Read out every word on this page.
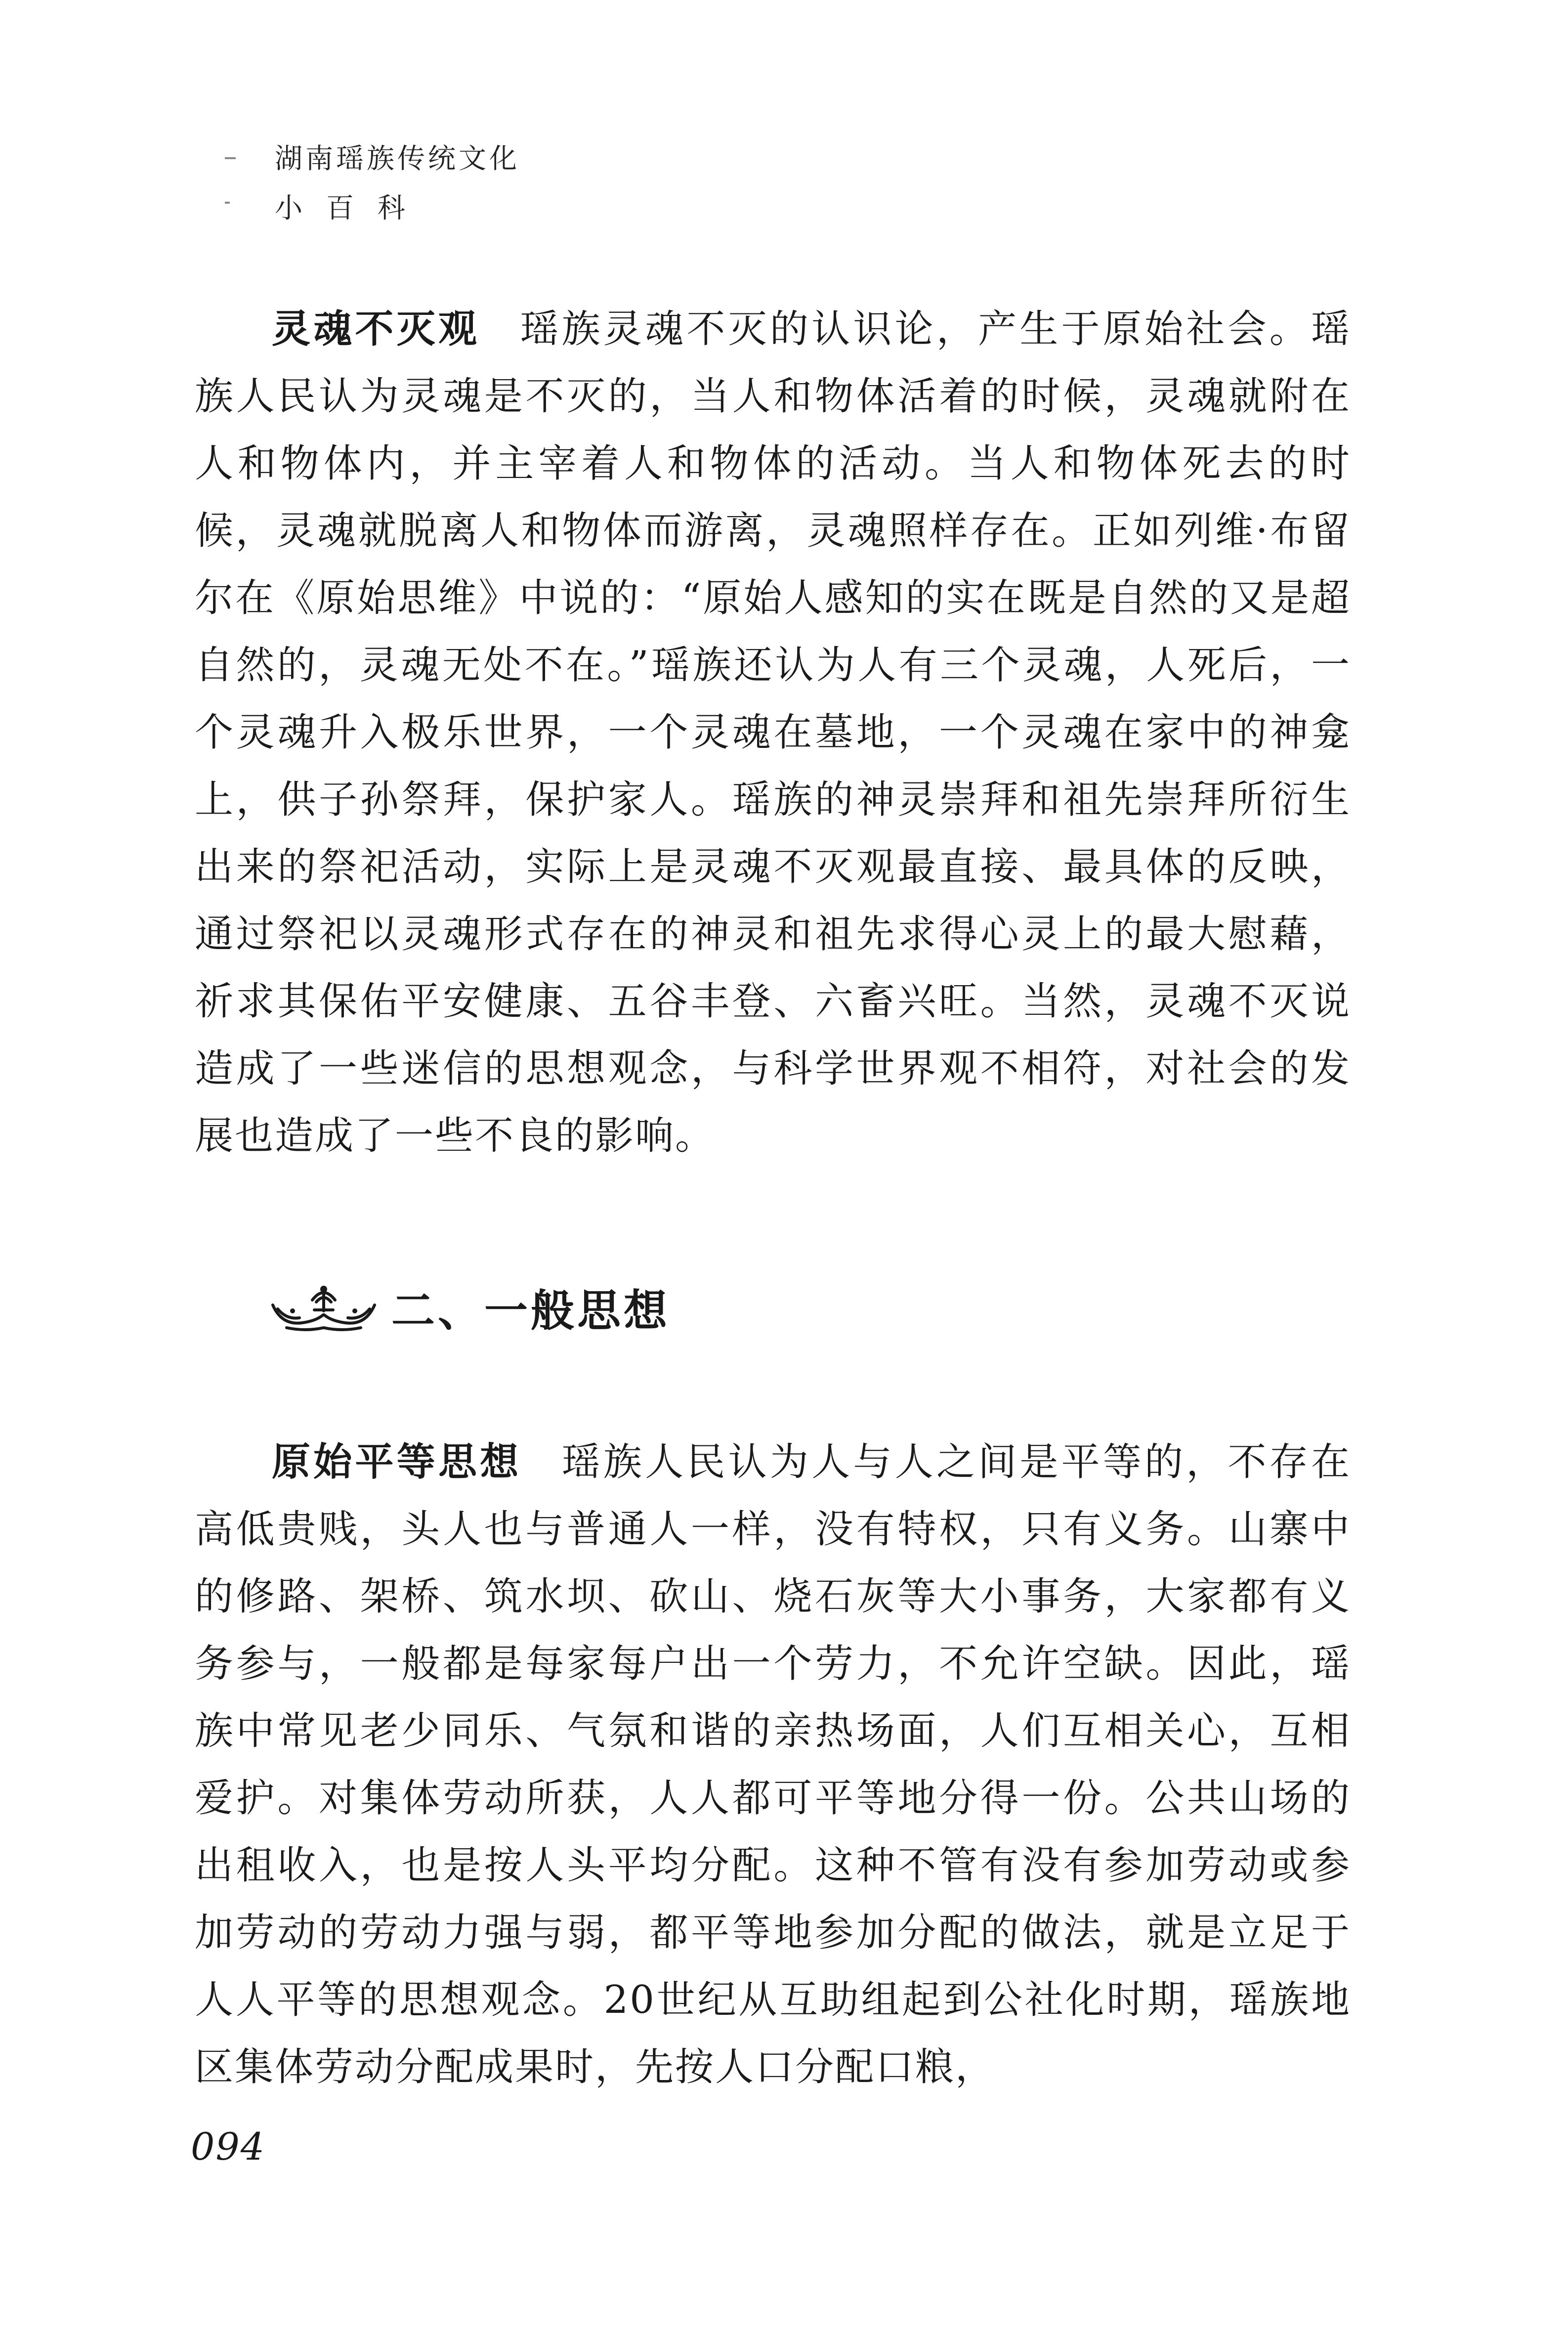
湖南瑶族传统文化
小百科

灵魂不灭观 瑶族灵魂不灭的认识论，产生于原始社会。瑶族人民认为灵魂是不灭的，当人和物体活着的时候，灵魂就附在人和物体内，并主宰着人和物体的活动。当人和物体死去的时候，灵魂就脱离人和物体而游离，灵魂照样存在。正如列维·布留尔在《原始思维》中说的：“原始人感知的实在既是自然的又是超自然的，灵魂无处不在。”瑶族还认为人有三个灵魂，人死后，一个灵魂升入极乐世界，一个灵魂在墓地，一个灵魂在家中的神龛上，供子孙祭拜，保护家人。瑶族的神灵崇拜和祖先崇拜所衍生出来的祭祀活动，实际上是灵魂不灭观最直接、最具体的反映，通过祭祀以灵魂形式存在的神灵和祖先求得心灵上的最大慰藉，祈求其保佑平安健康、五谷丰登、六畜兴旺。当然，灵魂不灭说造成了一些迷信的思想观念，与科学世界观不相符，对社会的发展也造成了一些不良的影响。

二、一般思想

原始平等思想 瑶族人民认为人与人之间是平等的，不存在高低贵贱，头人也与普通人一样，没有特权，只有义务。山寨中的修路、架桥、筑水坝、砍山、烧石灰等大小事务，大家都有义务参与，一般都是每家每户出一个劳力，不允许空缺。因此，瑶族中常见老少同乐、气氛和谐的亲热场面，人们互相关心，互相爱护。对集体劳动所获，人人都可平等地分得一份。公共山场的出租收入，也是按人头平均分配。这种不管有没有参加劳动或参加劳动的劳动力强与弱，都平等地参加分配的做法，就是立足于人人平等的思想观念。20世纪从互助组起到公社化时期，瑶族地区集体劳动分配成果时，先按人口分配口粮，

094
